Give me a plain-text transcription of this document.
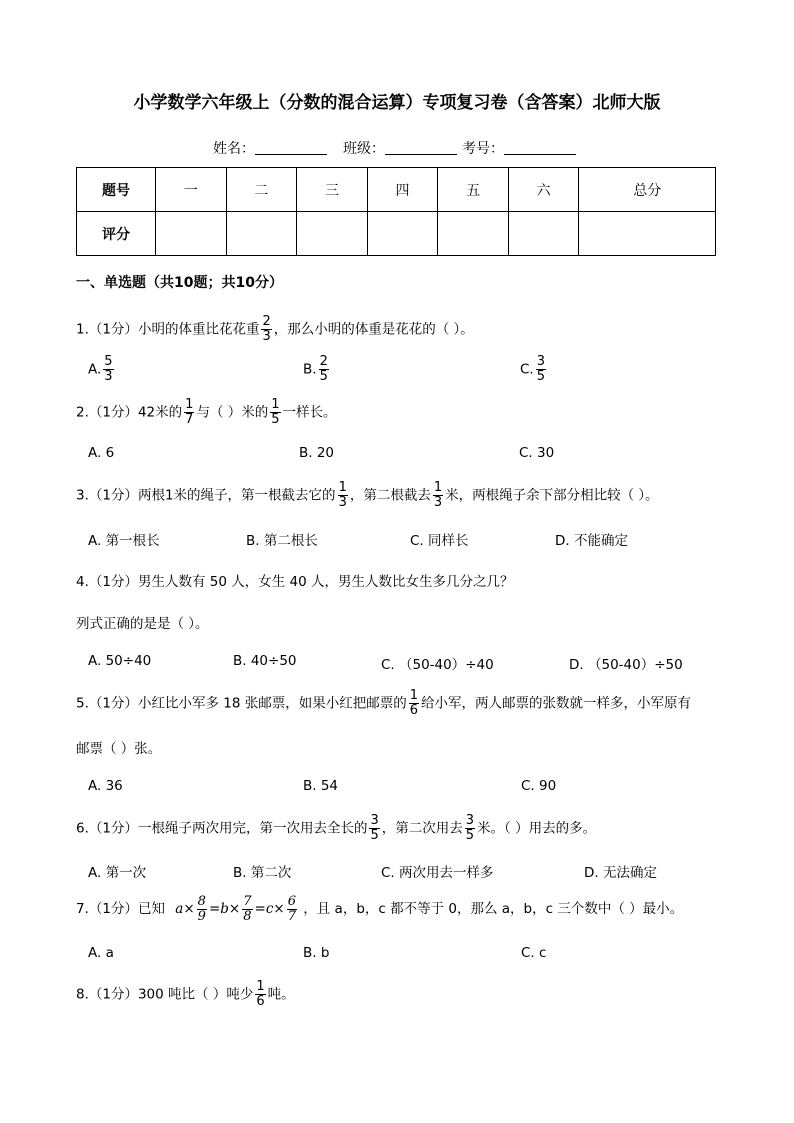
小学数学六年级上（分数的混合运算）专项复习卷（含答案）北师大版
姓名：	班级：	考号：
题号	一	二	三	四	五	六	总分
评分							
一、单选题（共10题；共10分）
1.（1分）小明的体重比花花重 $\frac{2}{3}$ ，那么小明的体重是花花的（ ）。
A. $\frac{5}{3}$	B. $\frac{2}{5}$	C. $\frac{3}{5}$
2.（1分）42米的 $\frac{1}{7}$ 与（ ）米的 $\frac{1}{5}$ 一样长。
A. 6	B. 20	C. 30
3.（1分）两根1米的绳子，第一根截去它的 $\frac{1}{3}$ ，第二根截去 $\frac{1}{3}$ 米，两根绳子余下部分相比较（ ）。
A. 第一根长	B. 第二根长	C. 同样长	D. 不能确定
4.（1分）男生人数有 50 人，女生 40 人，男生人数比女生多几分之几？
列式正确的是是（ ）。
A. 50÷40	B. 40÷50	C. （50-40）÷40	D. （50-40）÷50
5.（1分）小红比小军多 18 张邮票，如果小红把邮票的 $\frac{1}{6}$ 给小军，两人邮票的张数就一样多，小军原有
邮票（ ）张。
A. 36	B. 54	C. 90
6.（1分）一根绳子两次用完，第一次用去全长的 $\frac{3}{5}$ ，第二次用去 $\frac{3}{5}$ 米。（ ）用去的多。
A. 第一次	B. 第二次	C. 两次用去一样多	D. 无法确定
7.（1分）已知 $a\times \frac{8}{9} =b\times \frac{7}{8} =c\times \frac{6}{7}$ ，且 a，b，c 都不等于 0，那么 a，b，c 三个数中（ ）最小。
A. a	B. b	C. c
8.（1分）300 吨比（ ）吨少 $\frac{1}{6}$ 吨。
